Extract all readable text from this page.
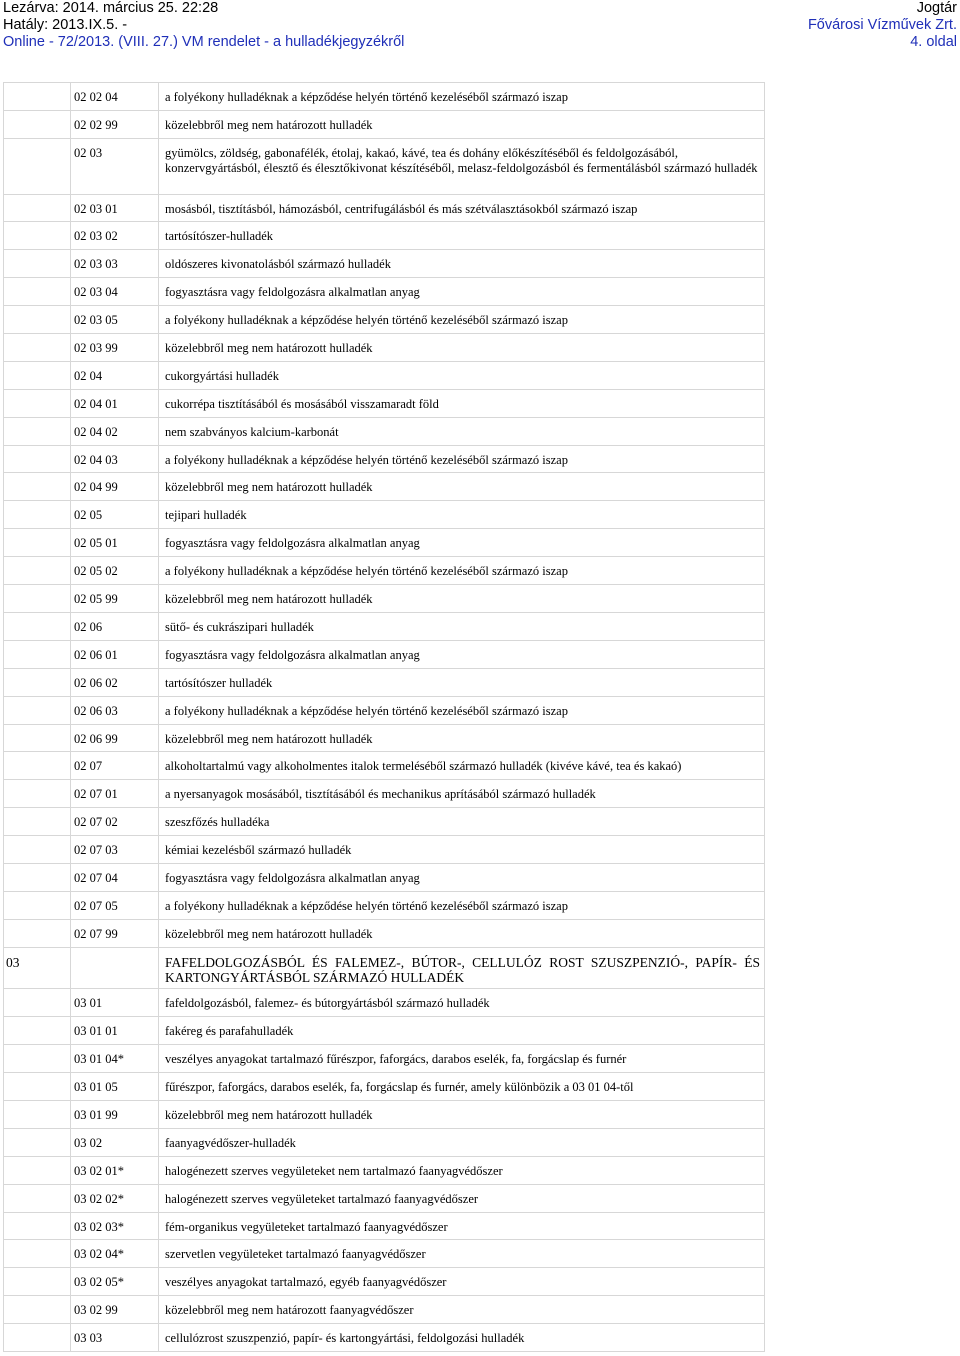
Lezárva: 2014. március 25. 22:28
Hatály: 2013.IX.5. -
Online - 72/2013. (VIII. 27.) VM rendelet - a hulladékjegyzékről
Jogtár
Fővárosi Vízművek Zrt.
4. oldal
	02 02 04	a folyékony hulladéknak a képződése helyén történő kezeléséből származó iszap
	02 02 99	közelebbről meg nem határozott hulladék
	02 03	gyümölcs, zöldség, gabonafélék, étolaj, kakaó, kávé, tea és dohány előkészítéséből és feldolgozásából, konzervgyártásból, élesztő és élesztőkivonat készítéséből, melasz-feldolgozásból és fermentálásból származó hulladék
	02 03 01	mosásból, tisztításból, hámozásból, centrifugálásból és más szétválasztásokból származó iszap
	02 03 02	tartósítószer-hulladék
	02 03 03	oldószeres kivonatolásból származó hulladék
	02 03 04	fogyasztásra vagy feldolgozásra alkalmatlan anyag
	02 03 05	a folyékony hulladéknak a képződése helyén történő kezeléséből származó iszap
	02 03 99	közelebbről meg nem határozott hulladék
	02 04	cukorgyártási hulladék
	02 04 01	cukorrépa tisztításából és mosásából visszamaradt föld
	02 04 02	nem szabványos kalcium-karbonát
	02 04 03	a folyékony hulladéknak a képződése helyén történő kezeléséből származó iszap
	02 04 99	közelebbről meg nem határozott hulladék
	02 05	tejipari hulladék
	02 05 01	fogyasztásra vagy feldolgozásra alkalmatlan anyag
	02 05 02	a folyékony hulladéknak a képződése helyén történő kezeléséből származó iszap
	02 05 99	közelebbről meg nem határozott hulladék
	02 06	sütő- és cukrászipari hulladék
	02 06 01	fogyasztásra vagy feldolgozásra alkalmatlan anyag
	02 06 02	tartósítószer hulladék
	02 06 03	a folyékony hulladéknak a képződése helyén történő kezeléséből származó iszap
	02 06 99	közelebbről meg nem határozott hulladék
	02 07	alkoholtartalmú vagy alkoholmentes italok termeléséből származó hulladék (kivéve kávé, tea és kakaó)
	02 07 01	a nyersanyagok mosásából, tisztításából és mechanikus aprításából származó hulladék
	02 07 02	szeszfőzés hulladéka
	02 07 03	kémiai kezelésből származó hulladék
	02 07 04	fogyasztásra vagy feldolgozásra alkalmatlan anyag
	02 07 05	a folyékony hulladéknak a képződése helyén történő kezeléséből származó iszap
	02 07 99	közelebbről meg nem határozott hulladék
03		FAFELDOLGOZÁSBÓL ÉS FALEMEZ-, BÚTOR-, CELLULÓZ ROST SZUSZPENZIÓ-, PAPÍR- ÉS KARTONGYÁRTÁSBÓL SZÁRMAZÓ HULLADÉK
	03 01	fafeldolgozásból, falemez- és bútorgyártásból származó hulladék
	03 01 01	fakéreg és parafahulladék
	03 01 04*	veszélyes anyagokat tartalmazó fűrészpor, faforgács, darabos eselék, fa, forgácslap és furnér
	03 01 05	fűrészpor, faforgács, darabos eselék, fa, forgácslap és furnér, amely különbözik a 03 01 04-től
	03 01 99	közelebbről meg nem határozott hulladék
	03 02	faanyagvédőszer-hulladék
	03 02 01*	halogénezett szerves vegyületeket nem tartalmazó faanyagvédőszer
	03 02 02*	halogénezett szerves vegyületeket tartalmazó faanyagvédőszer
	03 02 03*	fém-organikus vegyületeket tartalmazó faanyagvédőszer
	03 02 04*	szervetlen vegyületeket tartalmazó faanyagvédőszer
	03 02 05*	veszélyes anyagokat tartalmazó, egyéb faanyagvédőszer
	03 02 99	közelebbről meg nem határozott faanyagvédőszer
	03 03	cellulózrost szuszpenzió, papír- és kartongyártási, feldolgozási hulladék
